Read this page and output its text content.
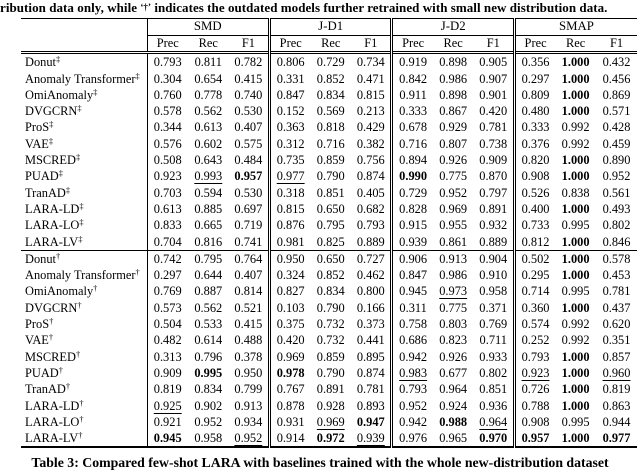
ribution data only, while ‘†’ indicates the outdated models further retrained with small new distribution data.
	SMD			J-D1			J-D2			SMAP		
	Prec	Rec	F1	Prec	Rec	F1	Prec	Rec	F1	Prec	Rec	F1
Donut‡	0.793	0.811	0.782	0.806	0.729	0.734	0.919	0.898	0.905	0.356	1.000	0.432
Anomaly Transformer‡	0.304	0.654	0.415	0.331	0.852	0.471	0.842	0.986	0.907	0.297	1.000	0.456
OmiAnomaly‡	0.760	0.778	0.740	0.847	0.834	0.815	0.911	0.898	0.901	0.809	1.000	0.869
DVGCRN‡	0.578	0.562	0.530	0.152	0.569	0.213	0.333	0.867	0.420	0.480	1.000	0.571
ProS‡	0.344	0.613	0.407	0.363	0.818	0.429	0.678	0.929	0.781	0.333	0.992	0.428
VAE‡	0.576	0.602	0.575	0.312	0.716	0.382	0.716	0.807	0.738	0.376	0.992	0.459
MSCRED‡	0.508	0.643	0.484	0.735	0.859	0.756	0.894	0.926	0.909	0.820	1.000	0.890
PUAD‡	0.923	0.993	0.957	0.977	0.790	0.874	0.990	0.775	0.870	0.908	1.000	0.952
TranAD‡	0.703	0.594	0.530	0.318	0.851	0.405	0.729	0.952	0.797	0.526	0.838	0.561
LARA-LD‡	0.613	0.885	0.697	0.815	0.650	0.682	0.828	0.969	0.891	0.400	1.000	0.493
LARA-LO‡	0.833	0.665	0.719	0.876	0.795	0.793	0.915	0.955	0.932	0.733	0.995	0.802
LARA-LV‡	0.704	0.816	0.741	0.981	0.825	0.889	0.939	0.861	0.889	0.812	1.000	0.846
Donut†	0.742	0.795	0.764	0.950	0.650	0.727	0.906	0.913	0.904	0.502	1.000	0.578
Anomaly Transformer†	0.297	0.644	0.407	0.324	0.852	0.462	0.847	0.986	0.910	0.295	1.000	0.453
OmiAnomaly†	0.769	0.887	0.814	0.827	0.834	0.800	0.945	0.973	0.958	0.714	0.995	0.781
DVGCRN†	0.573	0.562	0.521	0.103	0.790	0.166	0.311	0.775	0.371	0.360	1.000	0.437
ProS†	0.504	0.533	0.415	0.375	0.732	0.373	0.758	0.803	0.769	0.574	0.992	0.620
VAE†	0.482	0.614	0.488	0.420	0.732	0.441	0.686	0.823	0.711	0.252	0.992	0.351
MSCRED†	0.313	0.796	0.378	0.969	0.859	0.895	0.942	0.926	0.933	0.793	1.000	0.857
PUAD†	0.909	0.995	0.950	0.978	0.790	0.874	0.983	0.677	0.802	0.923	1.000	0.960
TranAD†	0.819	0.834	0.799	0.767	0.891	0.781	0.793	0.964	0.851	0.726	1.000	0.819
LARA-LD†	0.925	0.902	0.913	0.878	0.928	0.893	0.952	0.924	0.936	0.788	1.000	0.863
LARA-LO†	0.921	0.952	0.934	0.931	0.969	0.947	0.942	0.988	0.964	0.908	0.995	0.944
LARA-LV†	0.945	0.958	0.952	0.914	0.972	0.939	0.976	0.965	0.970	0.957	1.000	0.977
Table 3: Compared few-shot LARA with baselines trained with the whole new-distribution dataset
